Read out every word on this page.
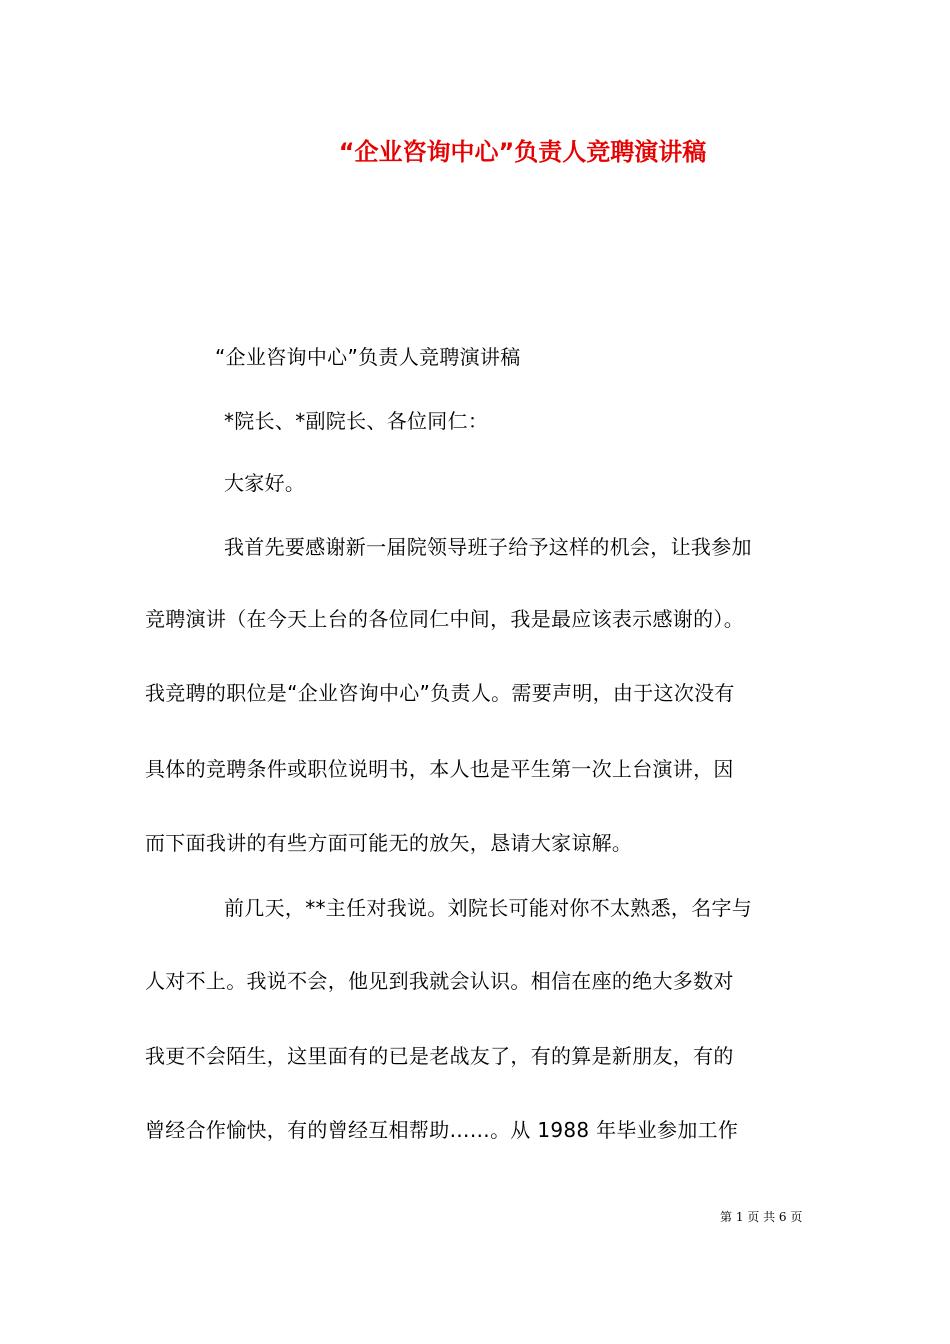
“企业咨询中心”负责人竞聘演讲稿
“企业咨询中心”负责人竞聘演讲稿
*院长、*副院长、各位同仁：
大家好。
我首先要感谢新一届院领导班子给予这样的机会，让我参加
竞聘演讲（在今天上台的各位同仁中间，我是最应该表示感谢的）。
我竞聘的职位是“企业咨询中心”负责人。需要声明，由于这次没有
具体的竞聘条件或职位说明书，本人也是平生第一次上台演讲，因
而下面我讲的有些方面可能无的放矢，恳请大家谅解。
前几天，**主任对我说。刘院长可能对你不太熟悉，名字与
人对不上。我说不会，他见到我就会认识。相信在座的绝大多数对
我更不会陌生，这里面有的已是老战友了，有的算是新朋友，有的
曾经合作愉快，有的曾经互相帮助……。从 1988 年毕业参加工作
第 1 页 共 6 页
